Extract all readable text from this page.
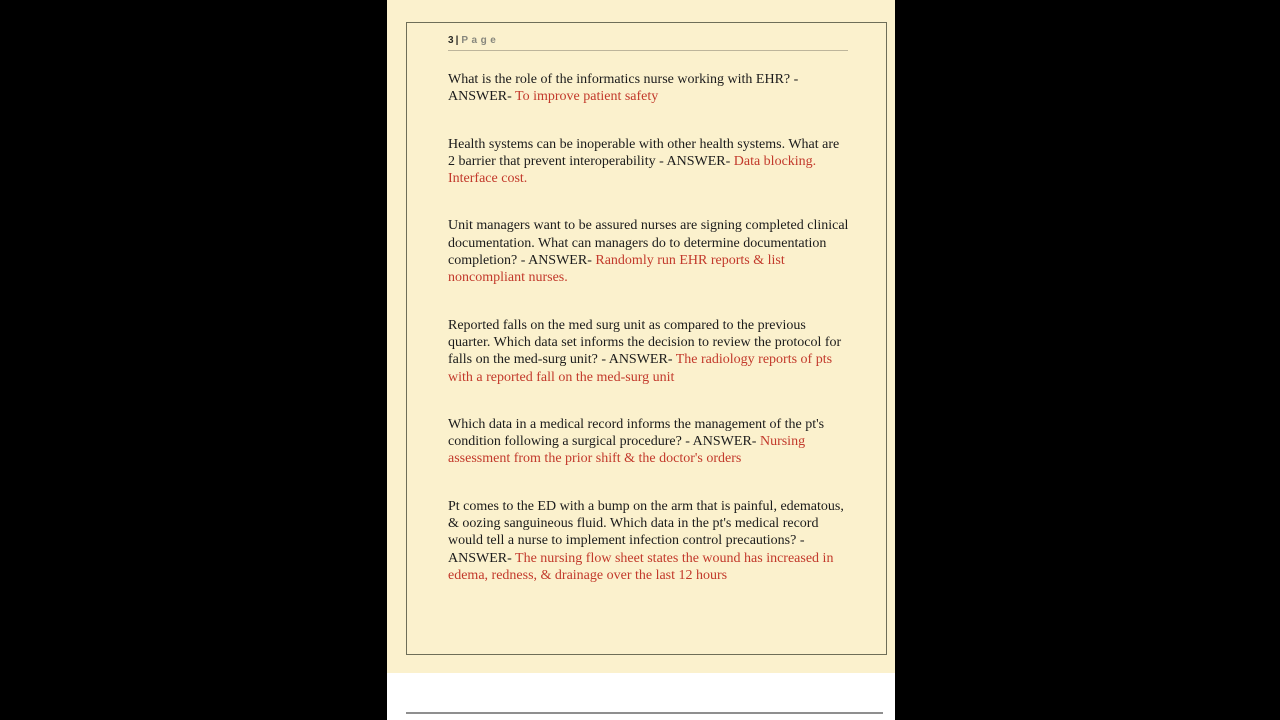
3 | Page

What is the role of the informatics nurse working with EHR? - ANSWER- To improve patient safety

Health systems can be inoperable with other health systems. What are 2 barrier that prevent interoperability - ANSWER- Data blocking. Interface cost.

Unit managers want to be assured nurses are signing completed clinical documentation. What can managers do to determine documentation completion? - ANSWER- Randomly run EHR reports & list noncompliant nurses.

Reported falls on the med surg unit as compared to the previous quarter. Which data set informs the decision to review the protocol for falls on the med-surg unit? - ANSWER- The radiology reports of pts with a reported fall on the med-surg unit

Which data in a medical record informs the management of the pt's condition following a surgical procedure? - ANSWER- Nursing assessment from the prior shift & the doctor's orders

Pt comes to the ED with a bump on the arm that is painful, edematous, & oozing sanguineous fluid. Which data in the pt's medical record would tell a nurse to implement infection control precautions? - ANSWER- The nursing flow sheet states the wound has increased in edema, redness, & drainage over the last 12 hours
